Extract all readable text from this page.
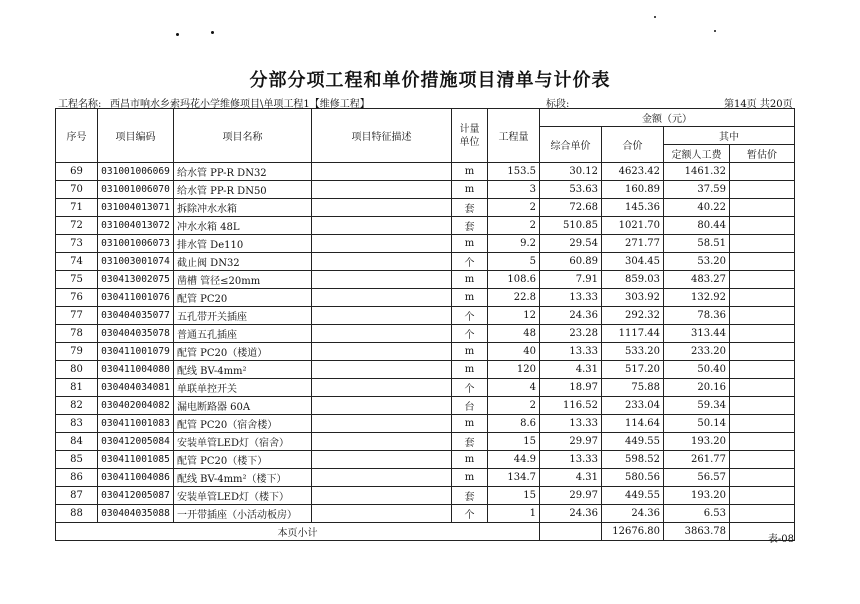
分部分项工程和单价措施项目清单与计价表
工程名称: 西昌市响水乡索玛花小学维修项目\单项工程1【维修工程】	标段:	第14页 共20页
序号	项目编码	项目名称	项目特征描述	计量单位	工程量	金额（元）			
						综合单价	合价	其中	
								定额人工费	暂估价
69	031001006069	给水管 PP-R DN32		m	153.5	30.12	4623.42	1461.32	
70	031001006070	给水管 PP-R DN50		m	3	53.63	160.89	37.59	
71	031004013071	拆除冲水水箱		套	2	72.68	145.36	40.22	
72	031004013072	冲水水箱 48L		套	2	510.85	1021.70	80.44	
73	031001006073	排水管 De110		m	9.2	29.54	271.77	58.51	
74	031003001074	截止阀 DN32		个	5	60.89	304.45	53.20	
75	030413002075	凿槽 管径≤20mm		m	108.6	7.91	859.03	483.27	
76	030411001076	配管 PC20		m	22.8	13.33	303.92	132.92	
77	030404035077	五孔带开关插座		个	12	24.36	292.32	78.36	
78	030404035078	普通五孔插座		个	48	23.28	1117.44	313.44	
79	030411001079	配管 PC20（楼道）		m	40	13.33	533.20	233.20	
80	030411004080	配线 BV-4mm²		m	120	4.31	517.20	50.40	
81	030404034081	单联单控开关		个	4	18.97	75.88	20.16	
82	030402004082	漏电断路器 60A		台	2	116.52	233.04	59.34	
83	030411001083	配管 PC20（宿舍楼）		m	8.6	13.33	114.64	50.14	
84	030412005084	安装单管LED灯（宿舍）		套	15	29.97	449.55	193.20	
85	030411001085	配管 PC20（楼下）		m	44.9	13.33	598.52	261.77	
86	030411004086	配线 BV-4mm²（楼下）		m	134.7	4.31	580.56	56.57	
87	030412005087	安装单管LED灯（楼下）		套	15	29.97	449.55	193.20	
88	030404035088	一开带插座（小活动板房）		个	1	24.36	24.36	6.53	
本页小计							12676.80	3863.78	
表-08
